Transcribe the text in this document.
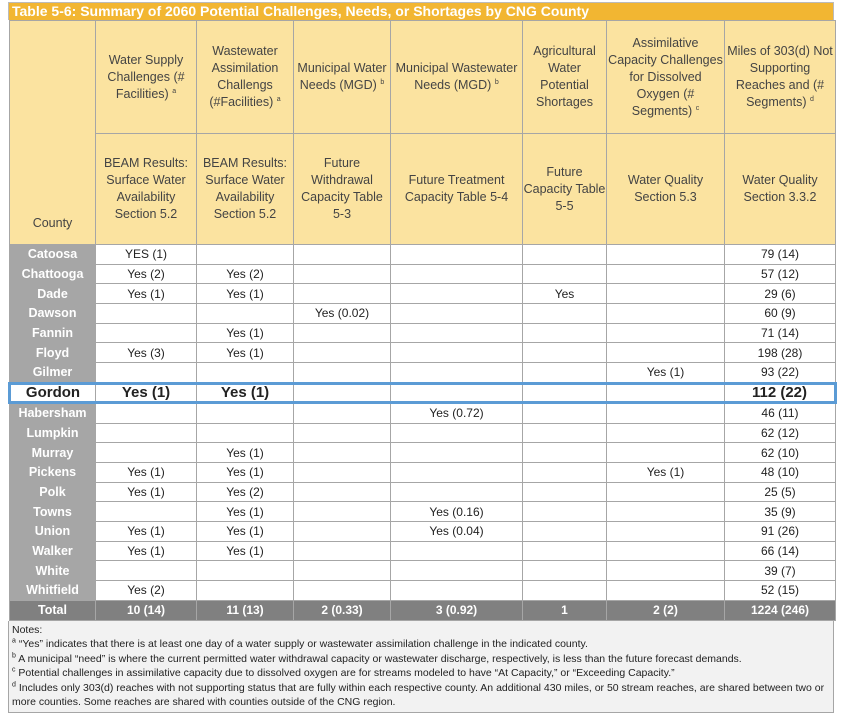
Table 5-6: Summary of 2060 Potential Challenges, Needs, or Shortages by CNG County
County	Water Supply Challenges (# Facilities) $^a$	Wastewater Assimilation Challengs (#Facilities) $^a$	Municipal Water Needs (MGD) $^b$	Municipal Wastewater Needs (MGD) $^b$	Agricultural Water Potential Shortages	Assimilative Capacity Challenges for Dissolved Oxygen (# Segments) $^c$	Miles of 303(d) Not Supporting Reaches and (# Segments) $^d$
	BEAM Results: Surface Water Availability Section 5.2	BEAM Results: Surface Water Availability Section 5.2	Future Withdrawal Capacity Table 5-3	Future Treatment Capacity Table 5-4	Future Capacity Table 5-5	Water Quality Section 5.3	Water Quality Section 3.3.2
Catoosa	YES (1)						79 (14)
Chattooga	Yes (2)	Yes (2)					57 (12)
Dade	Yes (1)	Yes (1)			Yes		29 (6)
Dawson			Yes (0.02)				60 (9)
Fannin		Yes (1)					71 (14)
Floyd	Yes (3)	Yes (1)					198 (28)
Gilmer						Yes (1)	93 (22)
Gordon	Yes (1)	Yes (1)					112 (22)
Habersham				Yes (0.72)			46 (11)
Lumpkin							62 (12)
Murray		Yes (1)					62 (10)
Pickens	Yes (1)	Yes (1)				Yes (1)	48 (10)
Polk	Yes (1)	Yes (2)					25 (5)
Towns		Yes (1)		Yes (0.16)			35 (9)
Union	Yes (1)	Yes (1)		Yes (0.04)			91 (26)
Walker	Yes (1)	Yes (1)					66 (14)
White							39 (7)
Whitfield	Yes (2)						52 (15)
Total	10 (14)	11 (13)	2 (0.33)	3 (0.92)	1	2 (2)	1224 (246)
Notes:
$^a$ “Yes” indicates that there is at least one day of a water supply or wastewater assimilation challenge in the indicated county.
$^b$ A municipal “need” is where the current permitted water withdrawal capacity or wastewater discharge, respectively, is less than the future forecast demands.
$^c$ Potential challenges in assimilative capacity due to dissolved oxygen are for streams modeled to have “At Capacity,” or “Exceeding Capacity.”
$^d$ Includes only 303(d) reaches with not supporting status that are fully within each respective county. An additional 430 miles, or 50 stream reaches, are shared between two or more counties. Some reaches are shared with counties outside of the CNG region.
